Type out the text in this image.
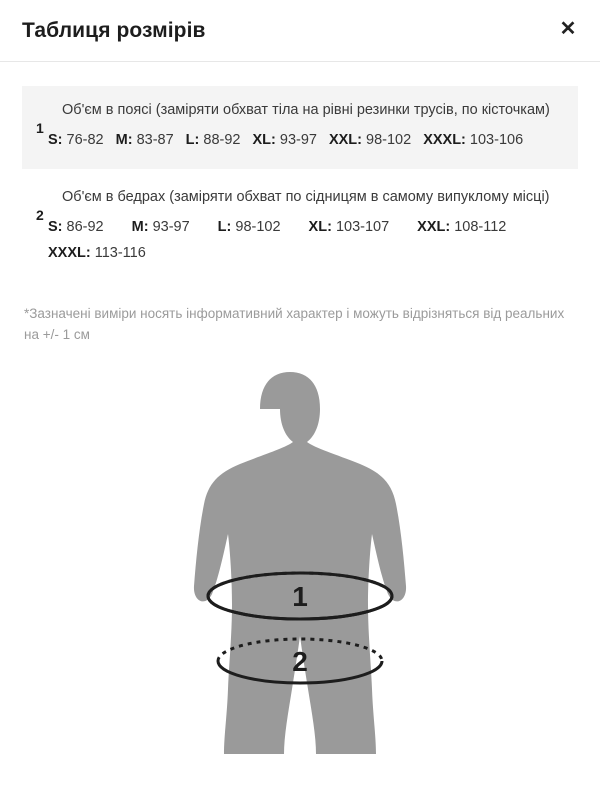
Таблиця розмірів	✕
1

Об'єм в поясі (заміряти обхват тіла на рівні резинки трусів, по кісточкам)

S: 76-82 M: 83-87 L: 88-92 XL: 93-97 XXL: 98-102 XXXL: 103-106
2

Об'єм в бедрах (заміряти обхват по сідницям в самому випуклому місці)

S: 86-92 M: 93-97 L: 98-102 XL: 103-107 XXL: 108-112
XXXL: 113-116

*Зазначені виміри носять інформативний характер і можуть відрізняться від реальних на +/- 1 см

1
2
